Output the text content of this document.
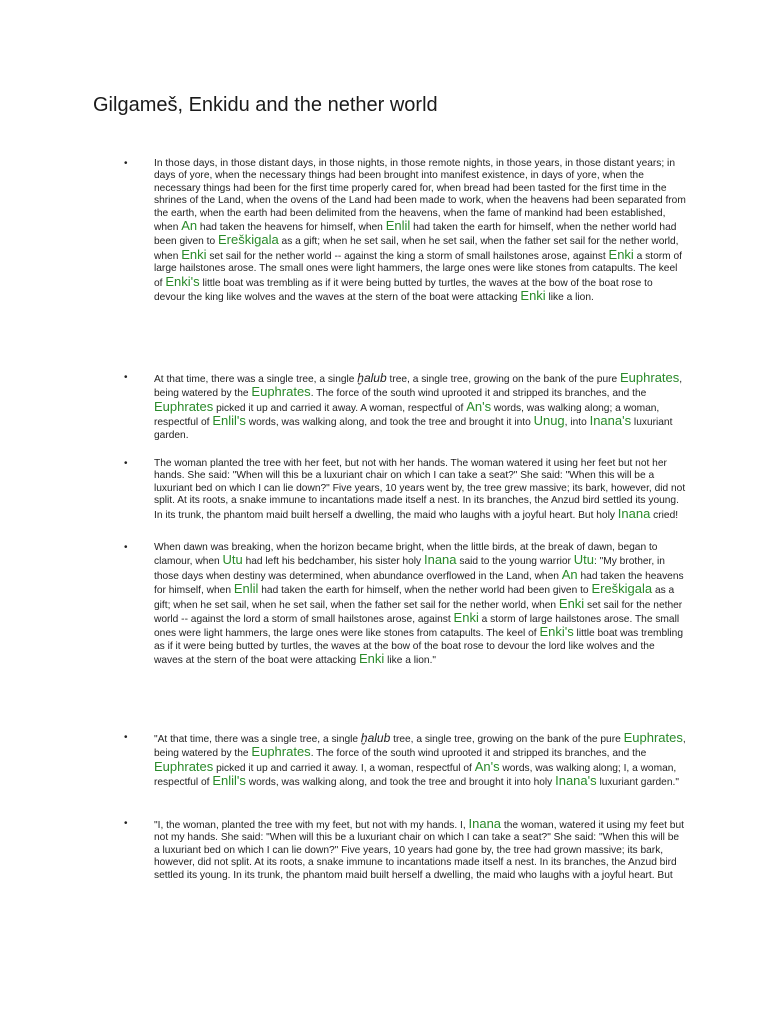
Gilgameš, Enkidu and the nether world
•	In those days, in those distant days, in those nights, in those remote nights, in those years, in those distant years; in days of yore, when the necessary things had been brought into manifest existence, in days of yore, when the necessary things had been for the first time properly cared for, when bread had been tasted for the first time in the shrines of the Land, when the ovens of the Land had been made to work, when the heavens had been separated from the earth, when the earth had been delimited from the heavens, when the fame of mankind had been established, when An had taken the heavens for himself, when Enlil had taken the earth for himself, when the nether world had been given to Ereškigala as a gift; when he set sail, when he set sail, when the father set sail for the nether world, when Enki set sail for the nether world -- against the king a storm of small hailstones arose, against Enki a storm of large hailstones arose. The small ones were light hammers, the large ones were like stones from catapults. The keel of Enki's little boat was trembling as if it were being butted by turtles, the waves at the bow of the boat rose to devour the king like wolves and the waves at the stern of the boat were attacking Enki like a lion.
•	At that time, there was a single tree, a single ḫalub tree, a single tree, growing on the bank of the pure Euphrates, being watered by the Euphrates. The force of the south wind uprooted it and stripped its branches, and the Euphrates picked it up and carried it away. A woman, respectful of An's words, was walking along; a woman, respectful of Enlil's words, was walking along, and took the tree and brought it into Unug, into Inana's luxuriant garden.
•	The woman planted the tree with her feet, but not with her hands. The woman watered it using her feet but not her hands. She said: "When will this be a luxuriant chair on which I can take a seat?" She said: "When this will be a luxuriant bed on which I can lie down?" Five years, 10 years went by, the tree grew massive; its bark, however, did not split. At its roots, a snake immune to incantations made itself a nest. In its branches, the Anzud bird settled its young. In its trunk, the phantom maid built herself a dwelling, the maid who laughs with a joyful heart. But holy Inana cried!
•	When dawn was breaking, when the horizon became bright, when the little birds, at the break of dawn, began to clamour, when Utu had left his bedchamber, his sister holy Inana said to the young warrior Utu: "My brother, in those days when destiny was determined, when abundance overflowed in the Land, when An had taken the heavens for himself, when Enlil had taken the earth for himself, when the nether world had been given to Ereškigala as a gift; when he set sail, when he set sail, when the father set sail for the nether world, when Enki set sail for the nether world -- against the lord a storm of small hailstones arose, against Enki a storm of large hailstones arose. The small ones were light hammers, the large ones were like stones from catapults. The keel of Enki's little boat was trembling as if it were being butted by turtles, the waves at the bow of the boat rose to devour the lord like wolves and the waves at the stern of the boat were attacking Enki like a lion."
•	"At that time, there was a single tree, a single ḫalub tree, a single tree, growing on the bank of the pure Euphrates, being watered by the Euphrates. The force of the south wind uprooted it and stripped its branches, and the Euphrates picked it up and carried it away. I, a woman, respectful of An's words, was walking along; I, a woman, respectful of Enlil's words, was walking along, and took the tree and brought it into holy Inana's luxuriant garden."
•	"I, the woman, planted the tree with my feet, but not with my hands. I, Inana the woman, watered it using my feet but not my hands. She said: "When will this be a luxuriant chair on which I can take a seat?" She said: "When this will be a luxuriant bed on which I can lie down?" Five years, 10 years had gone by, the tree had grown massive; its bark, however, did not split. At its roots, a snake immune to incantations made itself a nest. In its branches, the Anzud bird settled its young. In its trunk, the phantom maid built herself a dwelling, the maid who laughs with a joyful heart. But
